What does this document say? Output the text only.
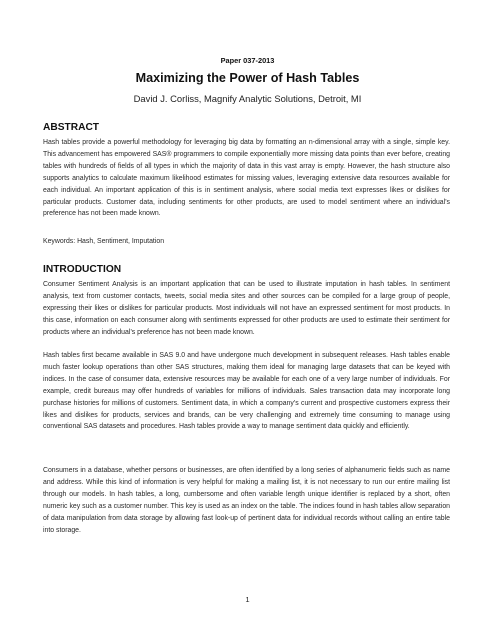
Paper 037-2013
Maximizing the Power of Hash Tables
David J. Corliss, Magnify Analytic Solutions, Detroit, MI
ABSTRACT

Hash tables provide a powerful methodology for leveraging big data by formatting an n-dimensional array with a single, simple key. This advancement has empowered SAS® programmers to compile exponentially more missing data points than ever before, creating tables with hundreds of fields of all types in which the majority of data in this vast array is empty. However, the hash structure also supports analytics to calculate maximum likelihood estimates for missing values, leveraging extensive data resources available for each individual. An important application of this is in sentiment analysis, where social media text expresses likes or dislikes for particular products. Customer data, including sentiments for other products, are used to model sentiment where an individual’s preference has not been made known.

Keywords: Hash, Sentiment, Imputation

INTRODUCTION

Consumer Sentiment Analysis is an important application that can be used to illustrate imputation in hash tables. In sentiment analysis, text from customer contacts, tweets, social media sites and other sources can be compiled for a large group of people, expressing their likes or dislikes for particular products. Most individuals will not have an expressed sentiment for most products. In this case, information on each consumer along with sentiments expressed for other products are used to estimate their sentiment for products where an individual’s preference has not been made known.

Hash tables first became available in SAS 9.0 and have undergone much development in subsequent releases. Hash tables enable much faster lookup operations than other SAS structures, making them ideal for managing large datasets that can be keyed with indices. In the case of consumer data, extensive resources may be available for each one of a very large number of individuals. For example, credit bureaus may offer hundreds of variables for millions of individuals. Sales transaction data may incorporate long purchase histories for millions of customers. Sentiment data, in which a company’s current and prospective customers express their likes and dislikes for products, services and brands, can be very challenging and extremely time consuming to manage using conventional SAS datasets and procedures. Hash tables provide a way to manage sentiment data quickly and efficiently.

Consumers in a database, whether persons or businesses, are often identified by a long series of alphanumeric fields such as name and address. While this kind of information is very helpful for making a mailing list, it is not necessary to run our entire mailing list through our models. In hash tables, a long, cumbersome and often variable length unique identifier is replaced by a short, often numeric key such as a customer number. This key is used as an index on the table. The indices found in hash tables allow separation of data manipulation from data storage by allowing fast look-up of pertinent data for individual records without calling an entire table into storage.

1
